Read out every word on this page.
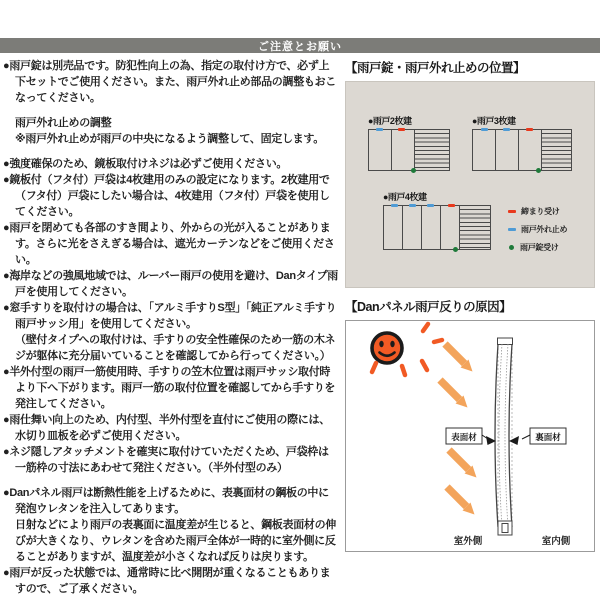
ご注意とお願い

●雨戸錠は別売品です。防犯性向上の為、指定の取付け方で、必ず上下セットでご使用ください。また、雨戸外れ止め部品の調整もおこなってください。

雨戸外れ止めの調整

※雨戸外れ止めが雨戸の中央になるよう調整して、固定します。

●強度確保のため、鏡板取付けネジは必ずご使用ください。

●鏡板付（フタ付）戸袋は4枚建用のみの設定になります。2枚建用で（フタ付）戸袋にしたい場合は、4枚建用（フタ付）戸袋を使用してください。

●雨戸を閉めても各部のすき間より、外からの光が入ることがあります。さらに光をさえぎる場合は、遮光カーテンなどをご使用ください。

●海岸などの強風地域では、ルーバー雨戸の使用を避け、Danタイプ雨戸を使用してください。

●窓手すりを取付けの場合は、「アルミ手すりS型」「純正アルミ手すり雨戸サッシ用」を使用してください。

（壁付タイプへの取付けは、手すりの安全性確保のため一筋の木ネジが躯体に充分届いていることを確認してから行ってください。）

●半外付型の雨戸一筋使用時、手すりの笠木位置は雨戸サッシ取付時より下へ下がります。雨戸一筋の取付位置を確認してから手すりを発注してください。

●雨仕舞い向上のため、内付型、半外付型を直付にご使用の際には、水切り皿板を必ずご使用ください。

●ネジ隠しアタッチメントを確実に取付けていただくため、戸袋枠は一筋枠の寸法にあわせて発注ください。（半外付型のみ）

●Danパネル雨戸は断熱性能を上げるために、表裏面材の鋼板の中に発泡ウレタンを注入してあります。

日射などにより雨戸の表裏面に温度差が生じると、鋼板表面材の伸びが大きくなり、ウレタンを含めた雨戸全体が一時的に室外側に反ることがありますが、温度差が小さくなれば反りは戻ります。

●雨戸が反った状態では、通常時に比べ開閉が重くなることもありますので、ご了承ください。

【雨戸錠・雨戸外れ止めの位置】
●雨戸2枚建	●雨戸3枚建
●雨戸4枚建
締まり受け
雨戸外れ止め
雨戸錠受け
【Danパネル雨戸反りの原因】
表面材	裏面材
室外側	室内側
